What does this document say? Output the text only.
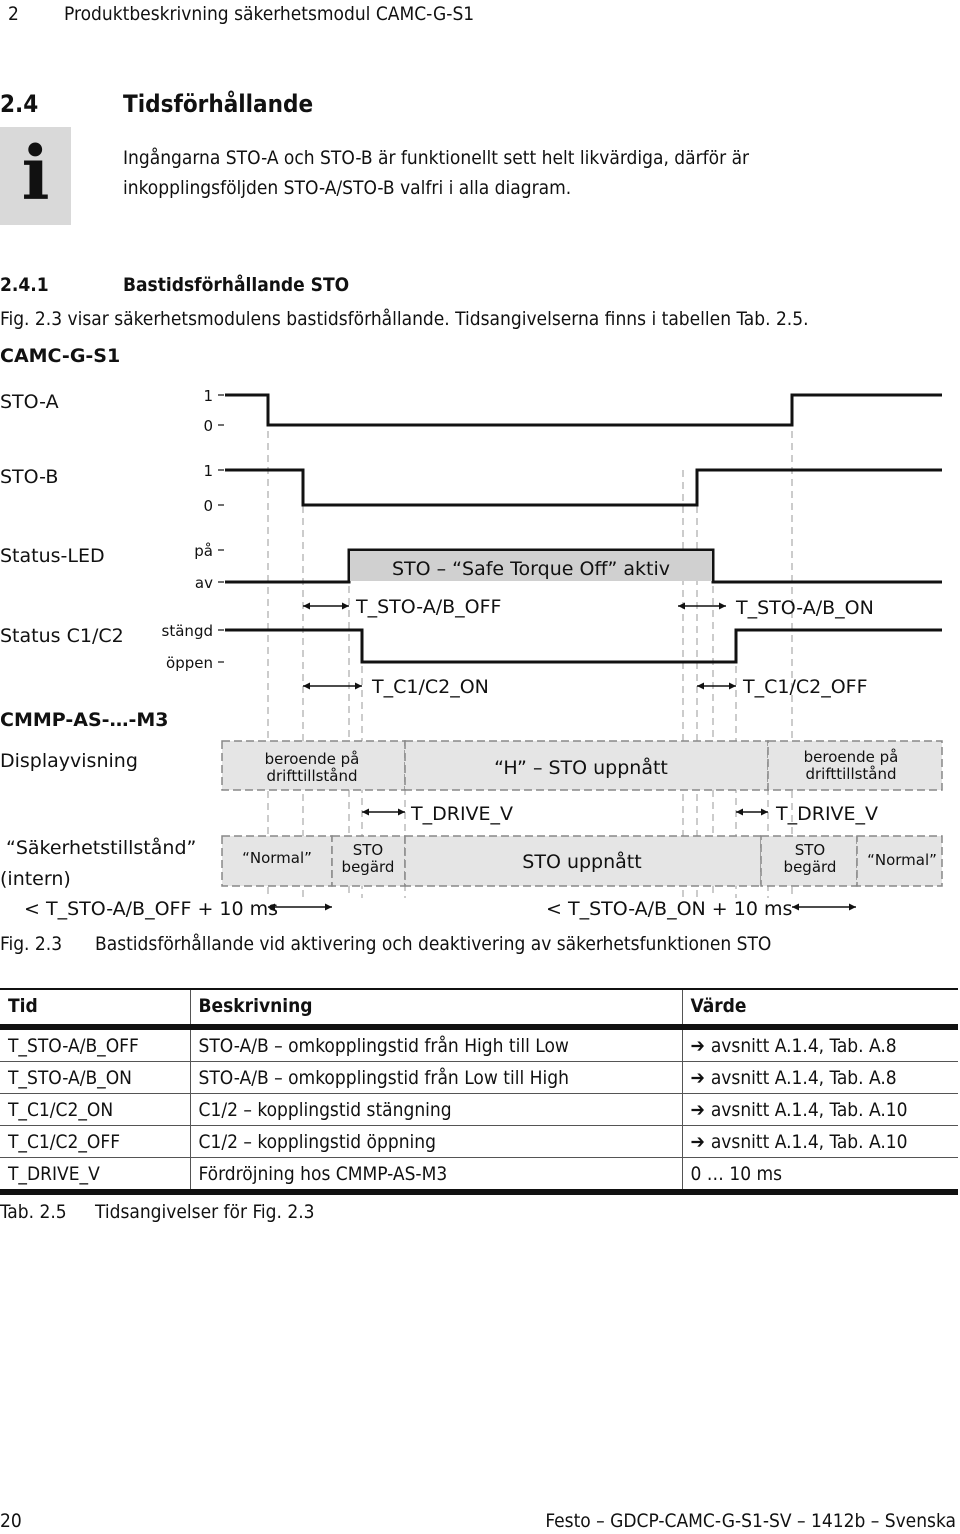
2 Produktbeskrivning säkerhetsmodul CAMC-G-S1
2.4	Tidsförhållande
i	Ingångarna STO-A och STO-B är funktionellt sett helt likvärdiga, därför är
inkopplingsföljden STO-A/STO-B valfri i alla diagram.
2.4.1	Bastidsförhållande STO
Fig. 2.3 visar säkerhetsmodulens bastidsförhållande. Tidsangivelserna finns i tabellen Tab. 2.5.
1
0
1
0
på
av
stängd
öppen
CAMC-G-S1
STO-A
STO-B
Status-LED
Status C1/C2
CMMP-AS-…-M3
Displayvisning
“Säkerhetstillstånd”
(intern)
STO – “Safe Torque Off” aktiv
T_STO-A/B_OFF	T_STO-A/B_ON
T_C1/C2_ON	T_C1/C2_OFF
T_DRIVE_V	T_DRIVE_V
< T_STO-A/B_OFF + 10 ms	< T_STO-A/B_ON + 10 ms
beroende på
drifttillstånd
beroende på
drifttillstånd
“H” – STO uppnått
“Normal”	STO
begärd
STO
begärd “Normal”
STO uppnått
Fig. 2.3 Bastidsförhållande vid aktivering och deaktivering av säkerhetsfunktionen STO
Tid	Beskrivning	Värde
T_STO-A/B_OFF	STO-A/B – omkopplingstid från High till Low	➔ avsnitt A.1.4, Tab. A.8
T_STO-A/B_ON	STO-A/B – omkopplingstid från Low till High	➔ avsnitt A.1.4, Tab. A.8
T_C1/C2_ON	C1/2 – kopplingstid stängning	➔ avsnitt A.1.4, Tab. A.10
T_C1/C2_OFF	C1/2 – kopplingstid öppning	➔ avsnitt A.1.4, Tab. A.10
T_DRIVE_V	Fördröjning hos CMMP-AS-M3	0 … 10 ms
Tab. 2.5 Tidsangivelser för Fig. 2.3
20	Festo – GDCP-CAMC-G-S1-SV – 1412b – Svenska
